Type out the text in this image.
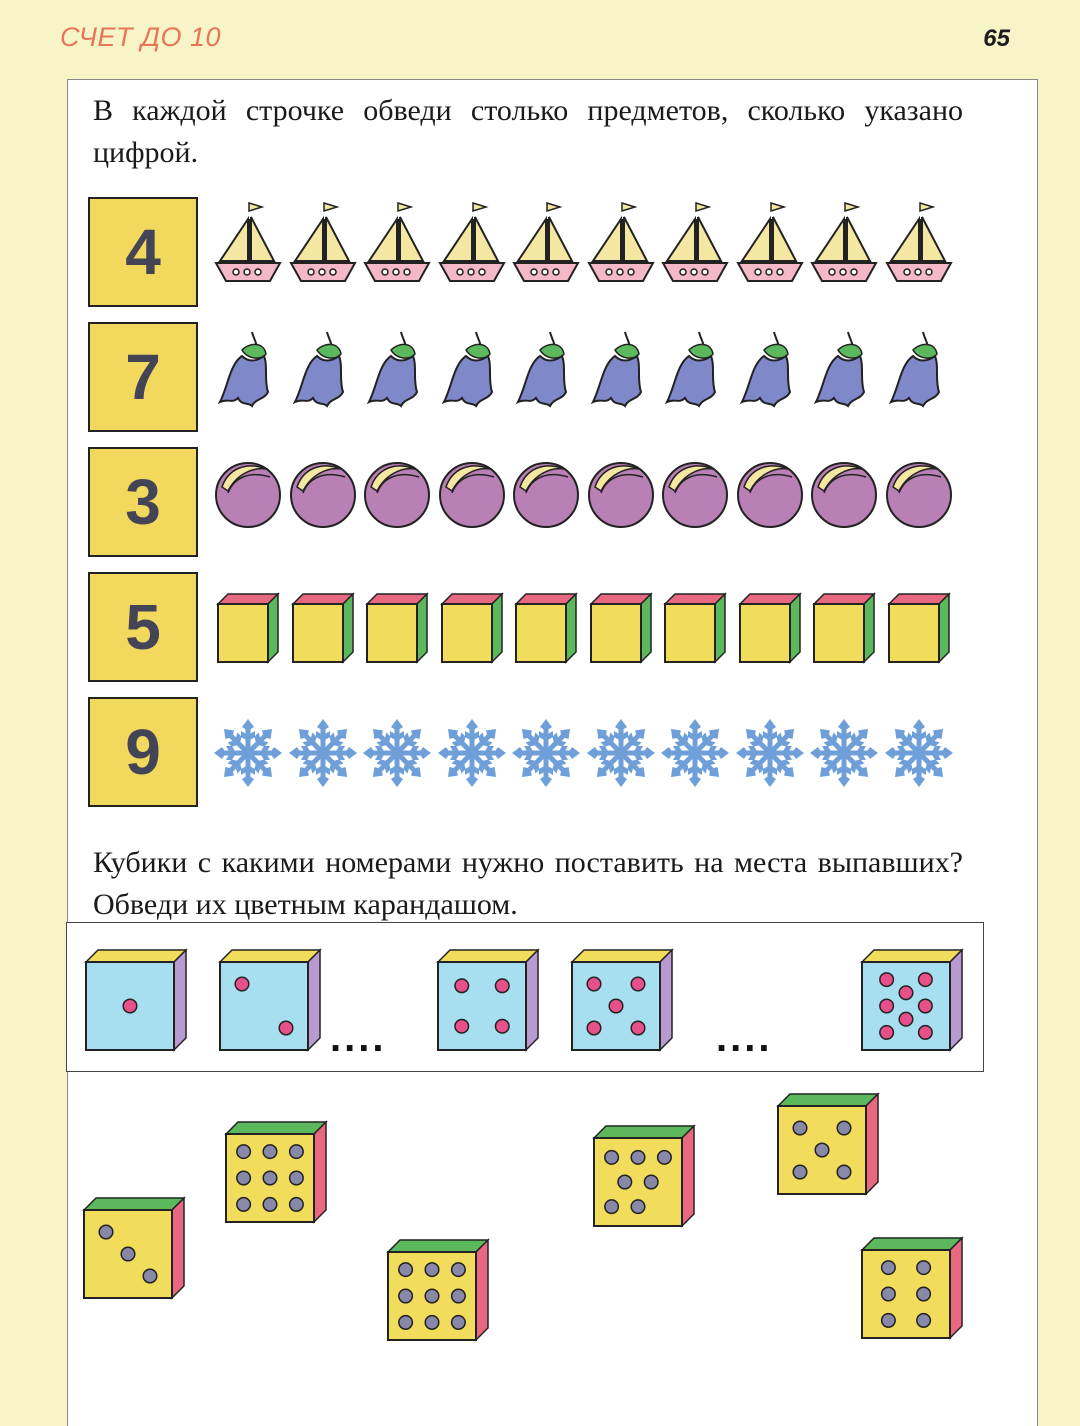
СЧЕТ ДО 10	65
В каждой строчке обведи столько предметов, сколько указано цифрой.
4
7
3
5
9
Кубики с какими номерами нужно поставить на места выпавших? Обведи их цветным карандашом.
....	....
